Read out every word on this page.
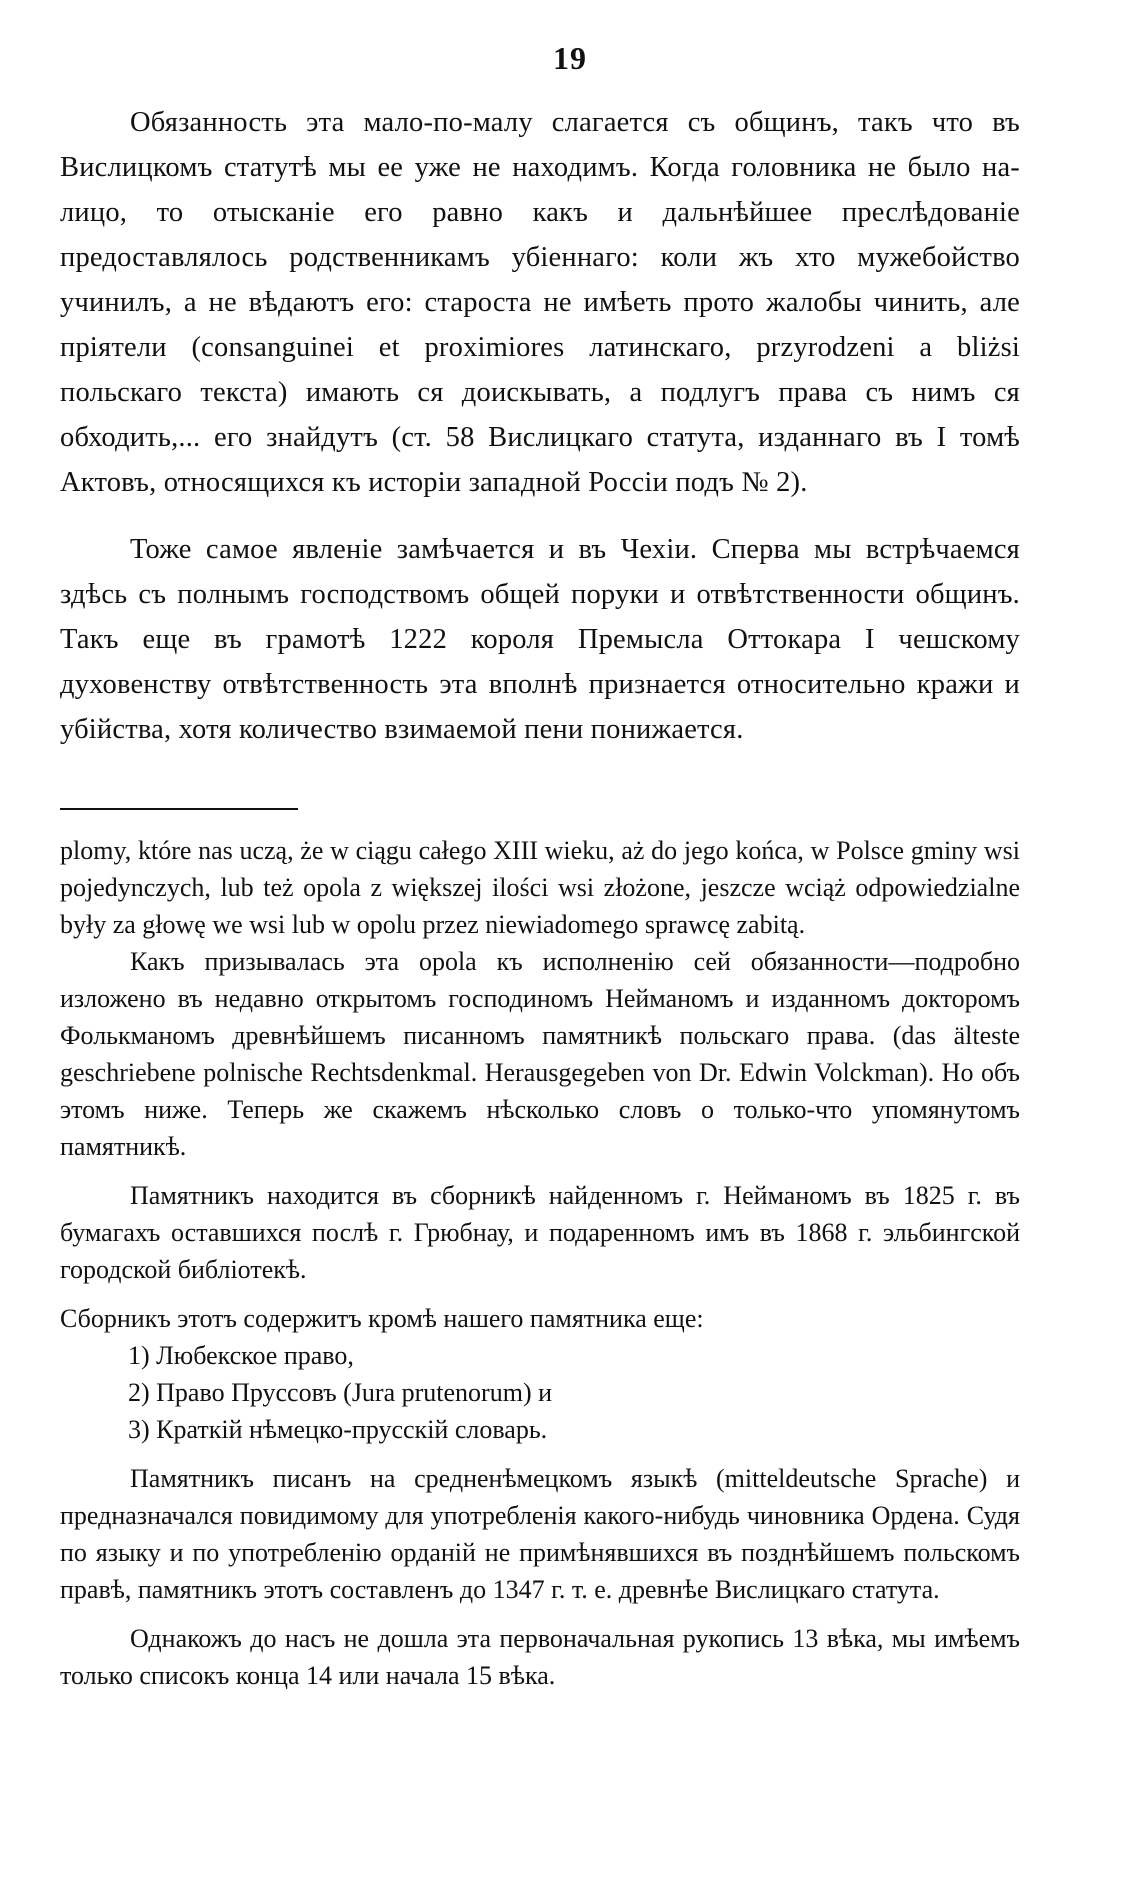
19

Обязанность эта мало-по-малу слагается съ общинъ, такъ что въ Вислицкомъ статутѣ мы ее уже не находимъ. Когда головника не было на-лицо, то отысканіе его равно какъ и дальнѣйшее преслѣдованіе предоставлялось родственникамъ убіеннаго: коли жъ хто мужебойство учинилъ, а не вѣдаютъ его: староста не имѣеть прото жалобы чинить, але пріятели (consanguinei et proximiores латинскаго, przyrodzeni a bliżsi польскаго текста) имають ся доискывать, а подлугъ права съ нимъ ся обходить,... его знайдутъ (ст. 58 Вислицкаго статута, изданнаго въ I томѣ Актовъ, относящихся къ исторіи западной Россіи подъ № 2).

Тоже самое явленіе замѣчается и въ Чехіи. Сперва мы встрѣчаемся здѣсь съ полнымъ господствомъ общей поруки и отвѣтственности общинъ. Такъ еще въ грамотѣ 1222 короля Премысла Оттокара I чешскому духовенству отвѣтственность эта вполнѣ признается относительно кражи и убійства, хотя количество взимаемой пени понижается.

plomy, które nas uczą, że w ciągu całego XIII wieku, aż do jego końca, w Polsce gminy wsi pojedynczych, lub też opola z większej ilości wsi złożone, jeszcze wciąż odpowiedzialne były za głowę we wsi lub w opolu przez niewiadomego sprawcę zabitą.

Какъ призывалась эта opola къ исполненію сей обязанности—подробно изложено въ недавно открытомъ господиномъ Нейманомъ и изданномъ докторомъ Фолькманомъ древнѣйшемъ писанномъ памятникѣ польскаго права. (das älteste geschriebene polnische Rechtsdenkmal. Herausgegeben von Dr. Edwin Volckman). Но объ этомъ ниже. Теперь же скажемъ нѣсколько словъ о только-что упомянутомъ памятникѣ.

Памятникъ находится въ сборникѣ найденномъ г. Нейманомъ въ 1825 г. въ бумагахъ оставшихся послѣ г. Грюбнау, и подаренномъ имъ въ 1868 г. эльбингской городской библіотекѣ.

Сборникъ этотъ содержитъ кромѣ нашего памятника еще:

1) Любекское право,
2) Право Пруссовъ (Jura prutenorum) и
3) Краткій нѣмецко-прусскій словарь.

Памятникъ писанъ на средненѣмецкомъ языкѣ (mitteldeutsche Sprache) и предназначался повидимому для употребленія какого-нибудь чиновника Ордена. Судя по языку и по употребленію орданій не примѣнявшихся въ позднѣйшемъ польскомъ правѣ, памятникъ этотъ составленъ до 1347 г. т. е. древнѣе Вислицкаго статута.

Однакожъ до насъ не дошла эта первоначальная рукопись 13 вѣка, мы имѣемъ только списокъ конца 14 или начала 15 вѣка.
